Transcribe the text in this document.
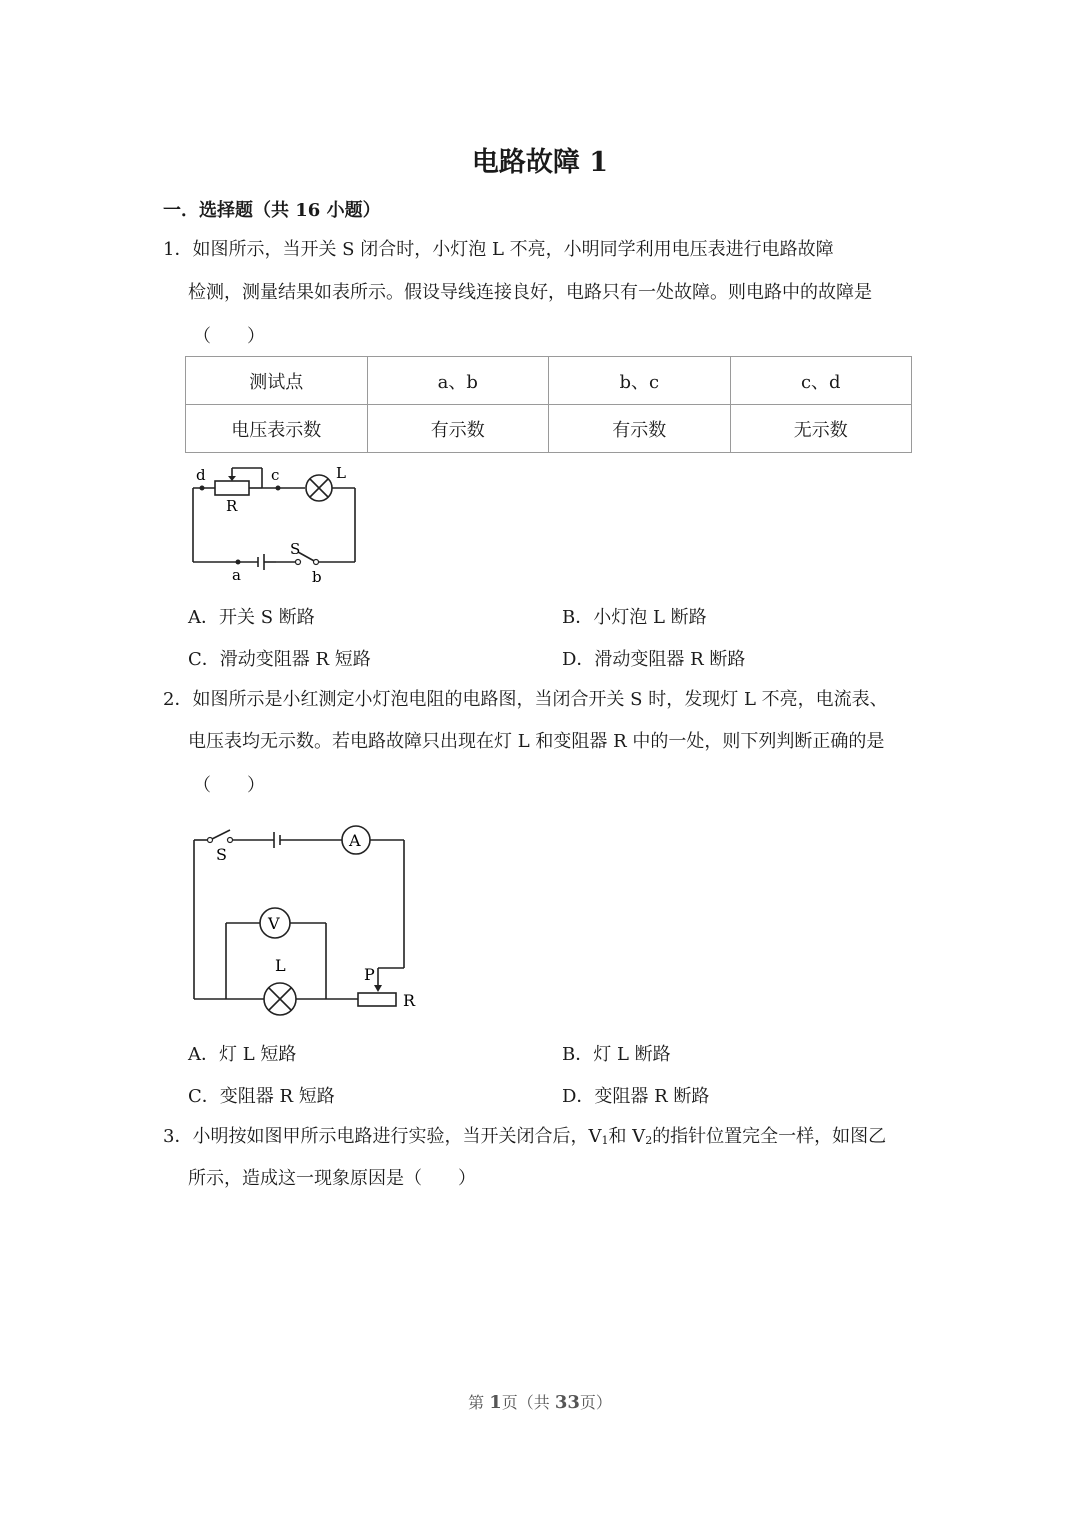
电路故障 1
一．选择题（共 16 小题）
1．如图所示，当开关 S 闭合时，小灯泡 L 不亮，小明同学利用电压表进行电路故障
检测，测量结果如表所示。假设导线连接良好，电路只有一处故障。则电路中的故障是
（　　）
测试点	a、b	b、c	c、d
电压表示数	有示数	有示数	无示数
d	c	L
R
S
a	b
A．开关 S 断路	B．小灯泡 L 断路
C．滑动变阻器 R 短路	D．滑动变阻器 R 断路
2．如图所示是小红测定小灯泡电阻的电路图，当闭合开关 S 时，发现灯 L 不亮，电流表、
电压表均无示数。若电路故障只出现在灯 L 和变阻器 R 中的一处，则下列判断正确的是
（　　）
S
A
V
L	P
R
A．灯 L 短路	B．灯 L 断路
C．变阻器 R 短路	D．变阻器 R 断路
3．小明按如图甲所示电路进行实验，当开关闭合后，$V_1$和 $V_2$的指针位置完全一样，如图乙
所示，造成这一现象原因是（　　）
第 1页（共 33页）
